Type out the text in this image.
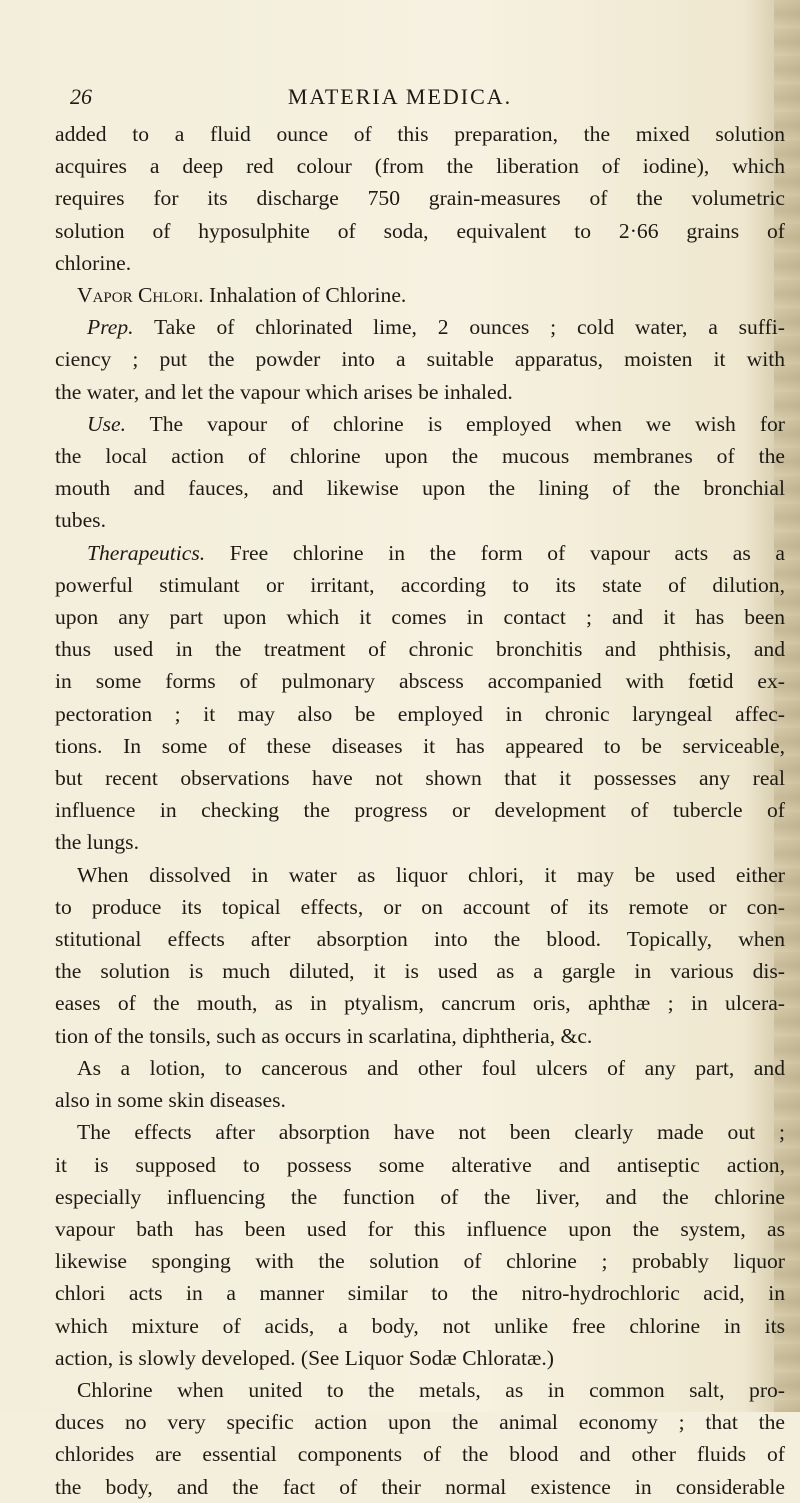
26	MATERIA MEDICA.
added to a fluid ounce of this preparation, the mixed solution
acquires a deep red colour (from the liberation of iodine), which
requires for its discharge 750 grain-measures of the volumetric
solution of hyposulphite of soda, equivalent to 2·66 grains of
chlorine.
Vapor Chlori. Inhalation of Chlorine.
Prep. Take of chlorinated lime, 2 ounces ; cold water, a suffi-
ciency ; put the powder into a suitable apparatus, moisten it with
the water, and let the vapour which arises be inhaled.
Use. The vapour of chlorine is employed when we wish for
the local action of chlorine upon the mucous membranes of the
mouth and fauces, and likewise upon the lining of the bronchial
tubes.
Therapeutics. Free chlorine in the form of vapour acts as a
powerful stimulant or irritant, according to its state of dilution,
upon any part upon which it comes in contact ; and it has been
thus used in the treatment of chronic bronchitis and phthisis, and
in some forms of pulmonary abscess accompanied with fœtid ex-
pectoration ; it may also be employed in chronic laryngeal affec-
tions. In some of these diseases it has appeared to be serviceable,
but recent observations have not shown that it possesses any real
influence in checking the progress or development of tubercle of
the lungs.
When dissolved in water as liquor chlori, it may be used either
to produce its topical effects, or on account of its remote or con-
stitutional effects after absorption into the blood. Topically, when
the solution is much diluted, it is used as a gargle in various dis-
eases of the mouth, as in ptyalism, cancrum oris, aphthæ ; in ulcera-
tion of the tonsils, such as occurs in scarlatina, diphtheria, &c.
As a lotion, to cancerous and other foul ulcers of any part, and
also in some skin diseases.
The effects after absorption have not been clearly made out ;
it is supposed to possess some alterative and antiseptic action,
especially influencing the function of the liver, and the chlorine
vapour bath has been used for this influence upon the system, as
likewise sponging with the solution of chlorine ; probably liquor
chlori acts in a manner similar to the nitro-hydrochloric acid, in
which mixture of acids, a body, not unlike free chlorine in its
action, is slowly developed. (See Liquor Sodæ Chloratæ.)
Chlorine when united to the metals, as in common salt, pro-
duces no very specific action upon the animal economy ; that the
chlorides are essential components of the blood and other fluids of
the body, and the fact of their normal existence in considerable
